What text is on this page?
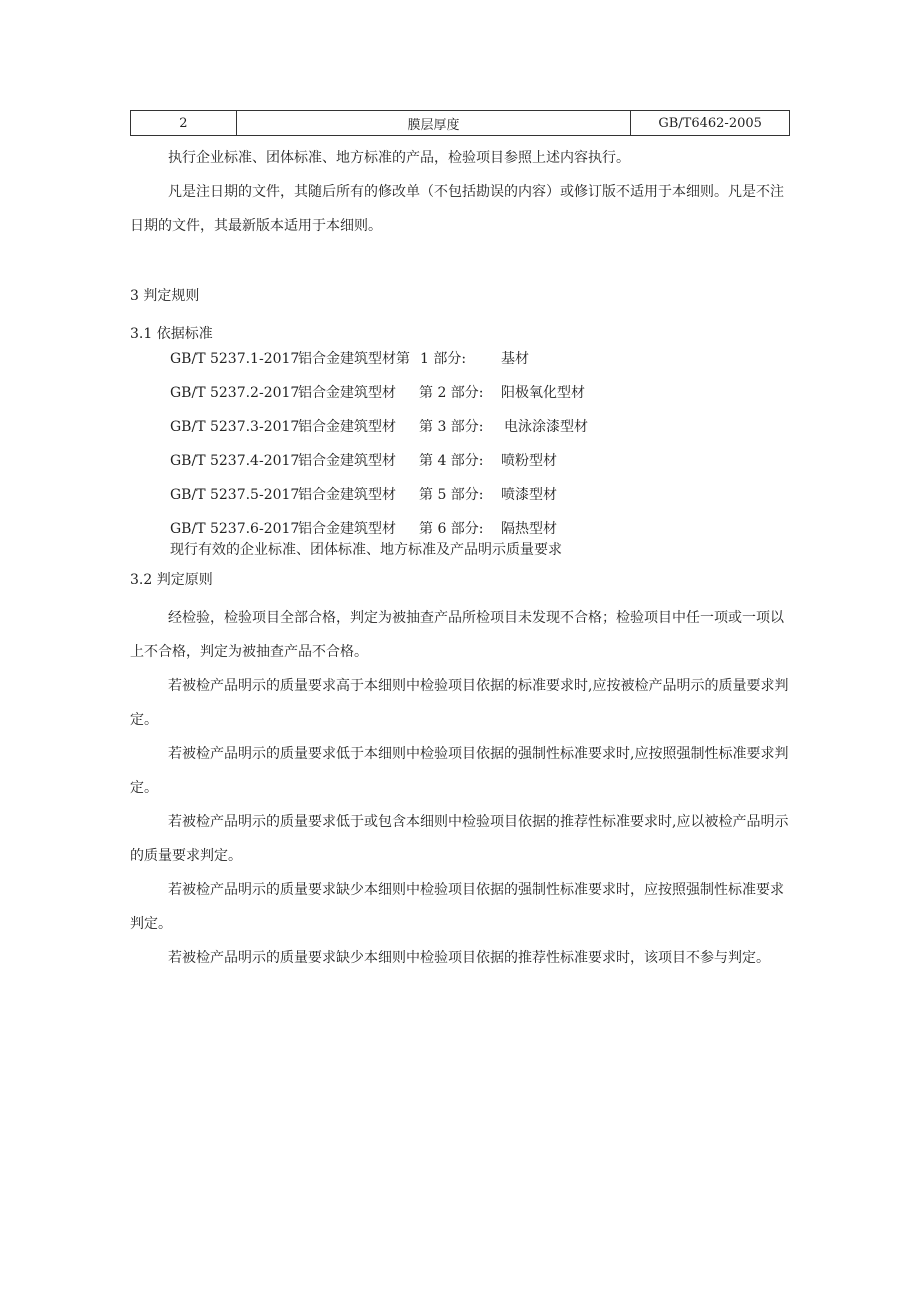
2	膜层厚度	GB/T6462-2005
执行企业标准、团体标准、地方标准的产品，检验项目参照上述内容执行。
凡是注日期的文件，其随后所有的修改单（不包括勘误的内容）或修订版不适用于本细则。凡是不注日期的文件，其最新版本适用于本细则。
3 判定规则
3.1 依据标准
GB/T 5237.1-2017
铝合金建筑型材第 1 部分: 基材
GB/T 5237.2-2017
铝合金建筑型材 第 2 部分: 阳极氧化型材
GB/T 5237.3-2017
铝合金建筑型材 第 3 部分: 电泳涂漆型材
GB/T 5237.4-2017
铝合金建筑型材 第 4 部分: 喷粉型材
GB/T 5237.5-2017
铝合金建筑型材 第 5 部分: 喷漆型材
GB/T 5237.6-2017
铝合金建筑型材 第 6 部分: 隔热型材
现行有效的企业标准、团体标准、地方标准及产品明示质量要求
3.2 判定原则
经检验，检验项目全部合格，判定为被抽查产品所检项目未发现不合格；检验项目中任一项或一项以上不合格，判定为被抽查产品不合格。
若被检产品明示的质量要求高于本细则中检验项目依据的标准要求时,应按被检产品明示的质量要求判定。
若被检产品明示的质量要求低于本细则中检验项目依据的强制性标准要求时,应按照强制性标准要求判定。
若被检产品明示的质量要求低于或包含本细则中检验项目依据的推荐性标准要求时,应以被检产品明示的质量要求判定。
若被检产品明示的质量要求缺少本细则中检验项目依据的强制性标准要求时，应按照强制性标准要求判定。
若被检产品明示的质量要求缺少本细则中检验项目依据的推荐性标准要求时，该项目不参与判定。
